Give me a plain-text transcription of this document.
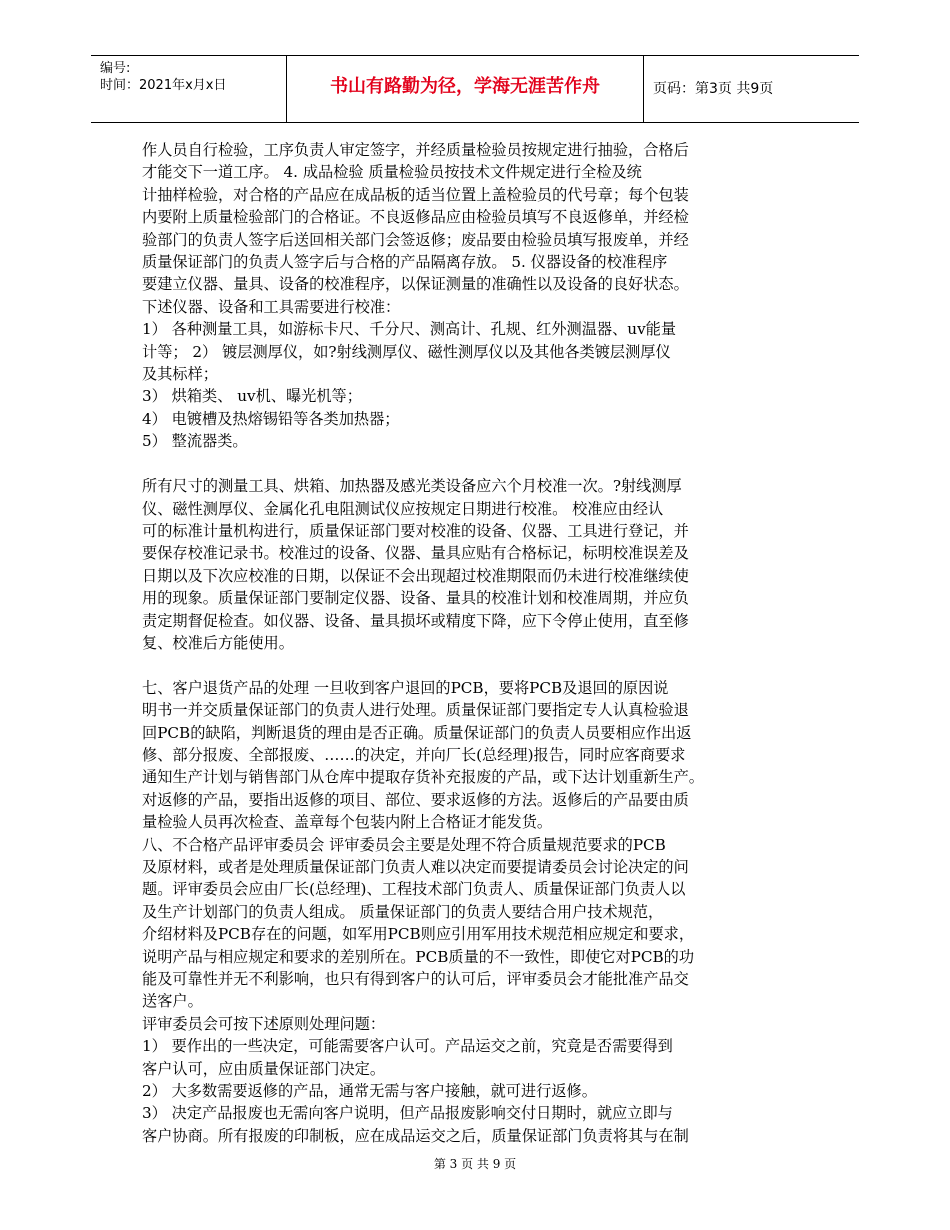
编号:
时间：2021年x月x日	书山有路勤为径，学海无涯苦作舟	页码：第3页 共9页

作人员自行检验，工序负责人审定签字，并经质量检验员按规定进行抽验，合格后

才能交下一道工序。 4. 成品检验 质量检验员按技术文件规定进行全检及统

计抽样检验，对合格的产品应在成品板的适当位置上盖检验员的代号章；每个包装

内要附上质量检验部门的合格证。不良返修品应由检验员填写不良返修单，并经检

验部门的负责人签字后送回相关部门会签返修；废品要由检验员填写报废单，并经

质量保证部门的负责人签字后与合格的产品隔离存放。 5. 仪器设备的校准程序

要建立仪器、量具、设备的校准程序，以保证测量的准确性以及设备的良好状态。

下述仪器、设备和工具需要进行校准：

1） 各种测量工具，如游标卡尺、千分尺、测高计、孔规、红外测温器、uv能量

计等； 2） 镀层测厚仪，如?射线测厚仪、磁性测厚仪以及其他各类镀层测厚仪

及其标样；

3） 烘箱类、 uv机、曝光机等；

4） 电镀槽及热熔锡铅等各类加热器；

5） 整流器类。

所有尺寸的测量工具、烘箱、加热器及感光类设备应六个月校准一次。?射线测厚

仪、磁性测厚仪、金属化孔电阻测试仪应按规定日期进行校准。 校准应由经认

可的标准计量机构进行，质量保证部门要对校准的设备、仪器、工具进行登记，并

要保存校准记录书。校准过的设备、仪器、量具应贴有合格标记，标明校准误差及

日期以及下次应校准的日期，以保证不会出现超过校准期限而仍未进行校准继续使

用的现象。质量保证部门要制定仪器、设备、量具的校准计划和校准周期，并应负

责定期督促检查。如仪器、设备、量具损坏或精度下降，应下令停止使用，直至修

复、校准后方能使用。

七、客户退货产品的处理 一旦收到客户退回的PCB，要将PCB及退回的原因说

明书一并交质量保证部门的负责人进行处理。质量保证部门要指定专人认真检验退

回PCB的缺陷，判断退货的理由是否正确。质量保证部门的负责人员要相应作出返

修、部分报废、全部报废、……的决定，并向厂长(总经理)报告，同时应客商要求

通知生产计划与销售部门从仓库中提取存货补充报废的产品，或下达计划重新生产。

对返修的产品，要指出返修的项目、部位、要求返修的方法。返修后的产品要由质

量检验人员再次检查、盖章每个包装内附上合格证才能发货。

八、不合格产品评审委员会 评审委员会主要是处理不符合质量规范要求的PCB

及原材料，或者是处理质量保证部门负责人难以决定而要提请委员会讨论决定的问

题。评审委员会应由厂长(总经理)、工程技术部门负责人、质量保证部门负责人以

及生产计划部门的负责人组成。 质量保证部门的负责人要结合用户技术规范，

介绍材料及PCB存在的问题，如军用PCB则应引用军用技术规范相应规定和要求，

说明产品与相应规定和要求的差别所在。PCB质量的不一致性，即使它对PCB的功

能及可靠性并无不利影响，也只有得到客户的认可后，评审委员会才能批准产品交

送客户。

评审委员会可按下述原则处理问题：

1） 要作出的一些决定，可能需要客户认可。产品运交之前，究竟是否需要得到

客户认可，应由质量保证部门决定。

2） 大多数需要返修的产品，通常无需与客户接触，就可进行返修。

3） 决定产品报废也无需向客户说明，但产品报废影响交付日期时，就应立即与

客户协商。所有报废的印制板，应在成品运交之后，质量保证部门负责将其与在制

第 3 页 共 9 页
